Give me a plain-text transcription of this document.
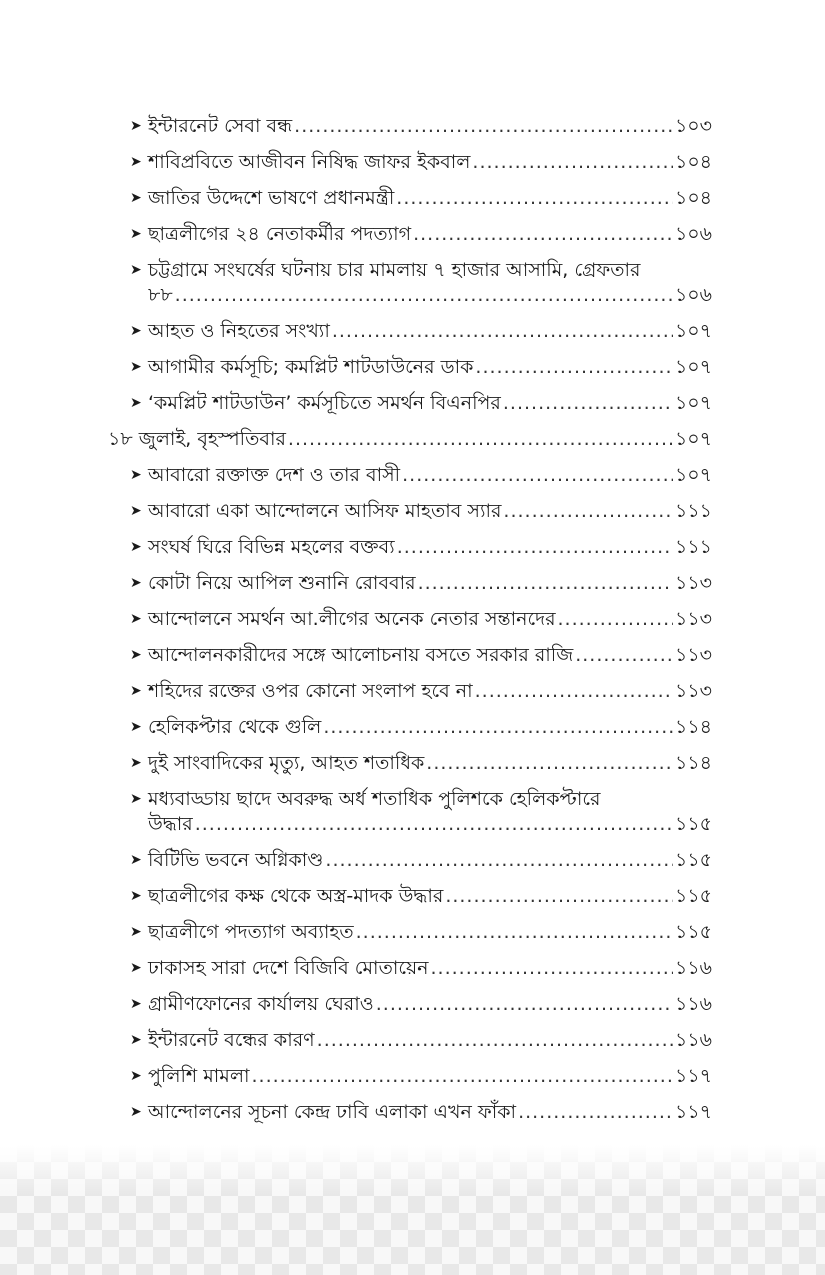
➤ ইন্টারনেট সেবা বন্ধ .....	১০৩
➤ শাবিপ্রবিতে আজীবন নিষিদ্ধ জাফর ইকবাল .....	১০৪
➤ জাতির উদ্দেশে ভাষণে প্রধানমন্ত্রী .....	১০৪
➤ ছাত্রলীগের ২৪ নেতাকর্মীর পদত্যাগ .....	১০৬
➤ চট্টগ্রামে সংঘর্ষের ঘটনায় চার মামলায় ৭ হাজার আসামি, গ্রেফতার
৮৮ .....	১০৬
➤ আহত ও নিহতের সংখ্যা .....	১০৭
➤ আগামীর কর্মসূচি; কমপ্লিট শাটডাউনের ডাক .....	১০৭
➤ ‘কমপ্লিট শাটডাউন’ কর্মসূচিতে সমর্থন বিএনপির .....	১০৭
১৮ জুলাই, বৃহস্পতিবার .....	১০৭
➤ আবারো রক্তাক্ত দেশ ও তার বাসী .....	১০৭
➤ আবারো একা আন্দোলনে আসিফ মাহতাব স্যার .....	১১১
➤ সংঘর্ষ ঘিরে বিভিন্ন মহলের বক্তব্য .....	১১১
➤ কোটা নিয়ে আপিল শুনানি রোববার .....	১১৩
➤ আন্দোলনে সমর্থন আ.লীগের অনেক নেতার সন্তানদের .....	১১৩
➤ আন্দোলনকারীদের সঙ্গে আলোচনায় বসতে সরকার রাজি .....	১১৩
➤ শহিদের রক্তের ওপর কোনো সংলাপ হবে না .....	১১৩
➤ হেলিকপ্টার থেকে গুলি .....	১১৪
➤ দুই সাংবাদিকের মৃত্যু, আহত শতাধিক .....	১১৪
➤ মধ্যবাড্ডায় ছাদে অবরুদ্ধ অর্ধ শতাধিক পুলিশকে হেলিকপ্টারে
উদ্ধার .....	১১৫
➤ বিটিভি ভবনে অগ্নিকাণ্ড .....	১১৫
➤ ছাত্রলীগের কক্ষ থেকে অস্ত্র-মাদক উদ্ধার .....	১১৫
➤ ছাত্রলীগে পদত্যাগ অব্যাহত .....	১১৫
➤ ঢাকাসহ সারা দেশে বিজিবি মোতায়েন .....	১১৬
➤ গ্রামীণফোনের কার্যালয় ঘেরাও .....	১১৬
➤ ইন্টারনেট বন্ধের কারণ .....	১১৬
➤ পুলিশি মামলা .....	১১৭
➤ আন্দোলনের সূচনা কেন্দ্র ঢাবি এলাকা এখন ফাঁকা .....	১১৭
